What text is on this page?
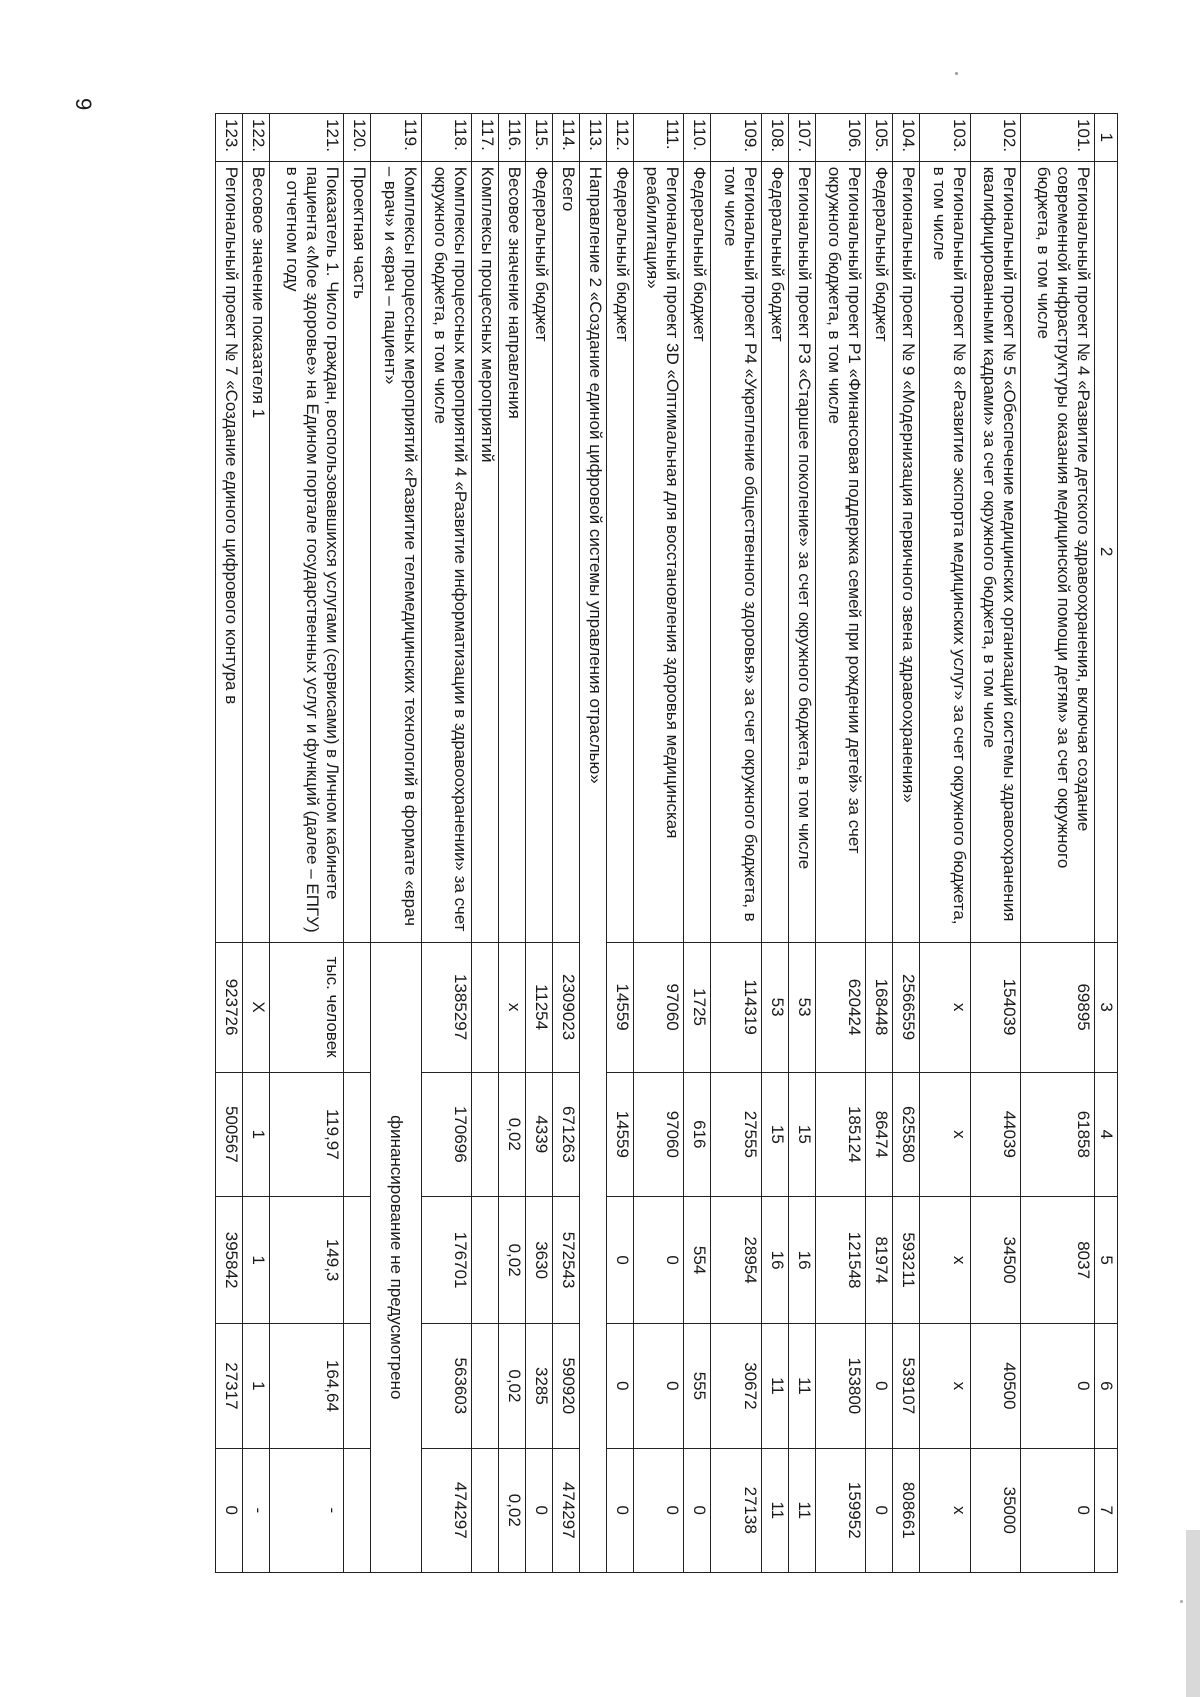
9
1	2	3	4	5	6	7
101.	Региональный проект № 4 «Развитие детского здравоохранения, включая создание современной инфраструктуры оказания медицинской помощи детям» за счет окружного бюджета, в том числе	69895	61858	8037	0	0
102.	Региональный проект № 5 «Обеспечение медицинских организаций системы здравоохранения квалифицированными кадрами» за счет окружного бюджета, в том числе	154039	44039	34500	40500	35000
103.	Региональный проект № 8 «Развитие экспорта медицинских услуг» за счет окружного бюджета, в том числе	x	x	x	x	x
104.	Региональный проект № 9 «Модернизация первичного звена здравоохранения»	2566559	625580	593211	539107	808661
105.	Федеральный бюджет	168448	86474	81974	0	0
106.	Региональный проект Р1 «Финансовая поддержка семей при рождении детей» за счет окружного бюджета, в том числе	620424	185124	121548	153800	159952
107.	Региональный проект Р3 «Старшее поколение» за счет окружного бюджета, в том числе	53	15	16	11	11
108.	Федеральный бюджет	53	15	16	11	11
109.	Региональный проект Р4 «Укрепление общественного здоровья» за счет окружного бюджета, в том числе	114319	27555	28954	30672	27138
110.	Федеральный бюджет	1725	616	554	555	0
111.	Региональный проект 3D «Оптимальная для восстановления здоровья медицинская реабилитация»	97060	97060	0	0	0
112.	Федеральный бюджет	14559	14559	0	0	0
113.	Направление 2 «Создание единой цифровой системы управления отраслью»					
114.	Всего	2309023	671263	572543	590920	474297
115.	Федеральный бюджет	11254	4339	3630	3285	0
116.	Весовое значение направления	x	0,02	0,02	0,02	0,02
117.	Комплексы процессных мероприятий					
118.	Комплексы процессных мероприятий 4 «Развитие информатизации в здравоохранении» за счет окружного бюджета, в том числе	1385297	170696	176701	563603	474297
119.	Комплексы процессных мероприятий «Развитие телемедицинских технологий в формате «врач – врач» и «врач – пациент»	финансирование не предусмотрено				
120.	Проектная часть					
121.	Показатель 1. Число граждан, воспользовавшихся услугами (сервисами) в Личном кабинете пациента «Мое здоровье» на Едином портале государственных услуг и функций (далее – ЕПГУ) в отчетном году	тыс. человек	119,97	149,3	164,64	-
122.	Весовое значение показателя 1	X	1	1	1	-
123.	Региональный проект № 7 «Создание единого цифрового контура в	923726	500567	395842	27317	0
